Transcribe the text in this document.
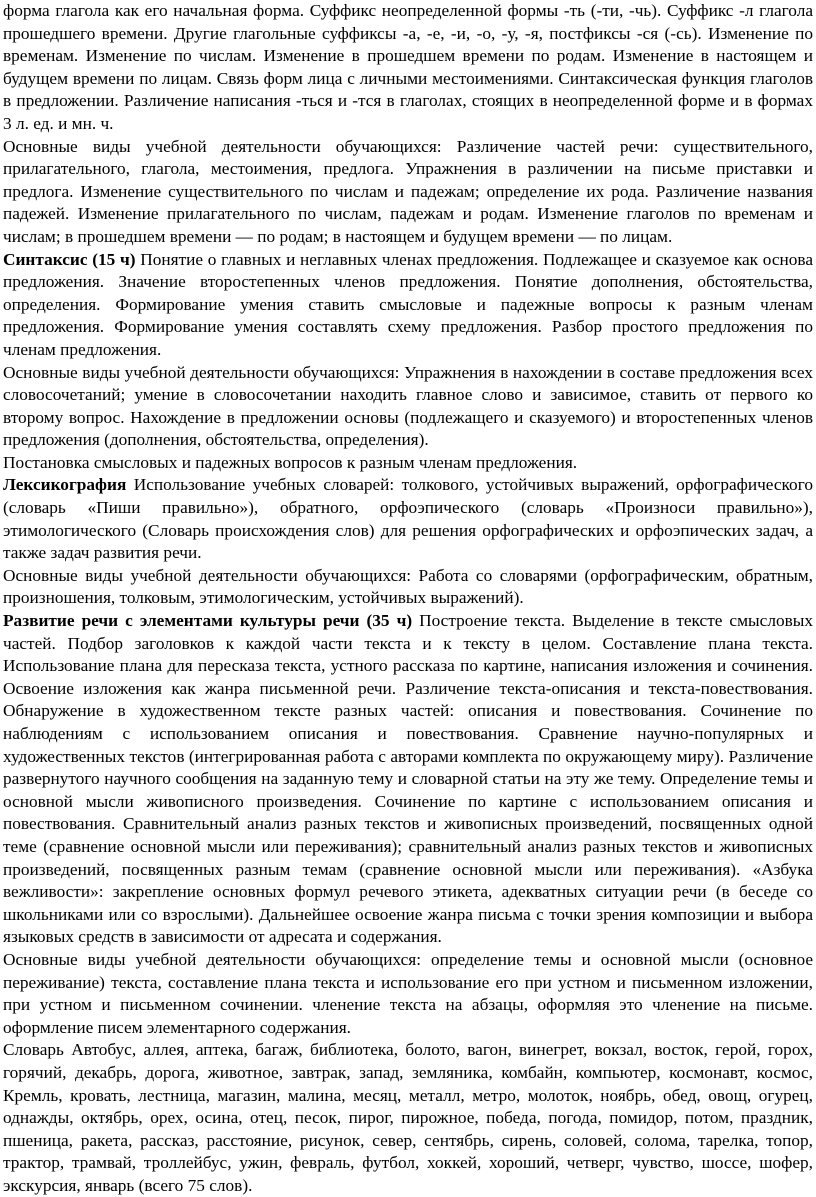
форма глагола как его начальная форма. Суффикс неопределенной формы -ть (-ти, -чь). Суффикс -л глагола прошедшего времени. Другие глагольные суффиксы -а, -е, -и, -о, -у, -я, постфиксы -ся (-сь). Изменение по временам. Изменение по числам. Изменение в прошедшем времени по родам. Изменение в настоящем и будущем времени по лицам. Связь форм лица с личными местоимениями. Синтаксическая функция глаголов в предложении. Различение написания -ться и -тся в глаголах, стоящих в неопределенной форме и в формах 3 л. ед. и мн. ч.

Основные виды учебной деятельности обучающихся: Различение частей речи: существительного, прилагательного, глагола, местоимения, предлога. Упражнения в различении на письме приставки и предлога. Изменение существительного по числам и падежам; определение их рода. Различение названия падежей. Изменение прилагательного по числам, падежам и родам. Изменение глаголов по временам и числам; в прошедшем времени — по родам; в настоящем и будущем времени — по лицам.

Синтаксис (15 ч) Понятие о главных и неглавных членах предложения. Подлежащее и сказуемое как основа предложения. Значение второстепенных членов предложения. Понятие дополнения, обстоятельства, определения. Формирование умения ставить смысловые и падежные вопросы к разным членам предложения. Формирование умения составлять схему предложения. Разбор простого предложения по членам предложения.

Основные виды учебной деятельности обучающихся: Упражнения в нахождении в составе предложения всех словосочетаний; умение в словосочетании находить главное слово и зависимое, ставить от первого ко второму вопрос. Нахождение в предложении основы (подлежащего и сказуемого) и второстепенных членов предложения (дополнения, обстоятельства, определения).

Постановка смысловых и падежных вопросов к разным членам предложения.

Лексикография Использование учебных словарей: толкового, устойчивых выражений, орфографического (словарь «Пиши правильно»), обратного, орфоэпического (словарь «Произноси правильно»), этимологического (Словарь происхождения слов) для решения орфографических и орфоэпических задач, а также задач развития речи.

Основные виды учебной деятельности обучающихся: Работа со словарями (орфографическим, обратным, произношения, толковым, этимологическим, устойчивых выражений).

Развитие речи с элементами культуры речи (35 ч) Построение текста. Выделение в тексте смысловых частей. Подбор заголовков к каждой части текста и к тексту в целом. Составление плана текста. Использование плана для пересказа текста, устного рассказа по картине, написания изложения и сочинения. Освоение изложения как жанра письменной речи. Различение текста-описания и текста-повествования. Обнаружение в художественном тексте разных частей: описания и повествования. Сочинение по наблюдениям с использованием описания и повествования. Сравнение научно-популярных и художественных текстов (интегрированная работа с авторами комплекта по окружающему миру). Различение развернутого научного сообщения на заданную тему и словарной статьи на эту же тему. Определение темы и основной мысли живописного произведения. Сочинение по картине с использованием описания и повествования. Сравнительный анализ разных текстов и живописных произведений, посвященных одной теме (сравнение основной мысли или переживания); сравнительный анализ разных текстов и живописных произведений, посвященных разным темам (сравнение основной мысли или переживания). «Азбука вежливости»: закрепление основных формул речевого этикета, адекватных ситуации речи (в беседе со школьниками или со взрослыми). Дальнейшее освоение жанра письма с точки зрения композиции и выбора языковых средств в зависимости от адресата и содержания.

Основные виды учебной деятельности обучающихся: определение темы и основной мысли (основное переживание) текста, составление плана текста и использование его при устном и письменном изложении, при устном и письменном сочинении. членение текста на абзацы, оформляя это членение на письме. оформление писем элементарного содержания.

Словарь Автобус, аллея, аптека, багаж, библиотека, болото, вагон, винегрет, вокзал, восток, герой, горох, горячий, декабрь, дорога, животное, завтрак, запад, земляника, комбайн, компьютер, космонавт, космос, Кремль, кровать, лестница, магазин, малина, месяц, металл, метро, молоток, ноябрь, обед, овощ, огурец, однажды, октябрь, орех, осина, отец, песок, пирог, пирожное, победа, погода, помидор, потом, праздник, пшеница, ракета, рассказ, расстояние, рисунок, север, сентябрь, сирень, соловей, солома, тарелка, топор, трактор, трамвай, троллейбус, ужин, февраль, футбол, хоккей, хороший, четверг, чувство, шоссе, шофер, экскурсия, январь (всего 75 слов).
